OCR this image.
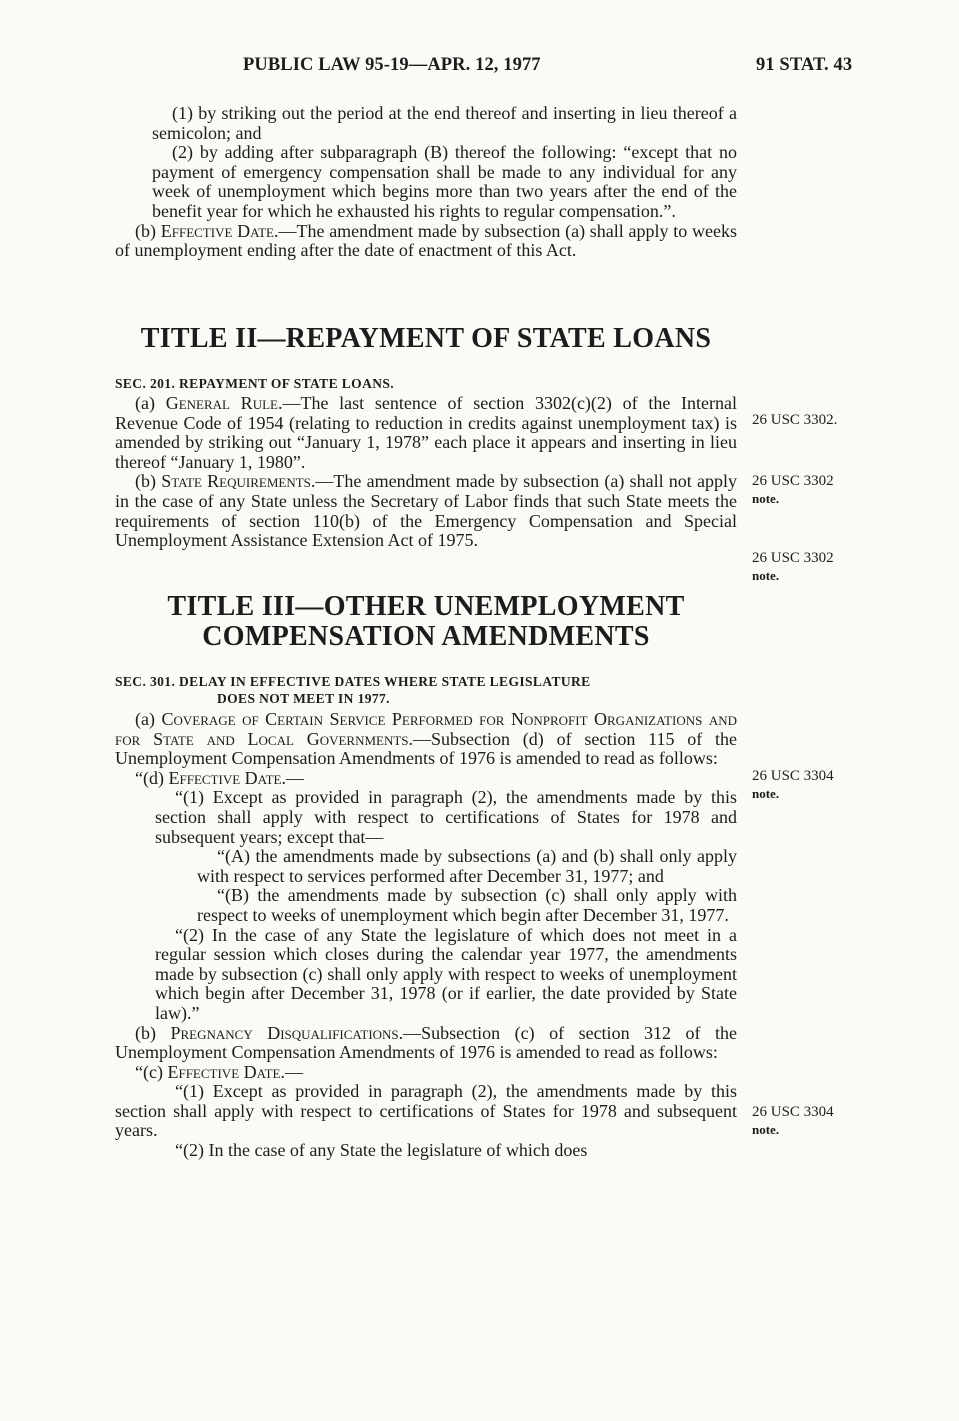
PUBLIC LAW 95-19—APR. 12, 1977	91 STAT. 43

(1) by striking out the period at the end thereof and inserting in lieu thereof a semicolon; and

(2) by adding after subparagraph (B) thereof the following: “except that no payment of emergency compensation shall be made to any individual for any week of unemployment which begins more than two years after the end of the benefit year for which he exhausted his rights to regular compensation.”.

(b) Effective Date.—The amendment made by subsection (a) shall apply to weeks of unemployment ending after the date of enactment of this Act.

TITLE II—REPAYMENT OF STATE LOANS
SEC. 201. REPAYMENT OF STATE LOANS.

(a) General Rule.—The last sentence of section 3302(c)(2) of the Internal Revenue Code of 1954 (relating to reduction in credits against unemployment tax) is amended by striking out “January 1, 1978” each place it appears and inserting in lieu thereof “January 1, 1980”.

(b) State Requirements.—The amendment made by subsection (a) shall not apply in the case of any State unless the Secretary of Labor finds that such State meets the requirements of section 110(b) of the Emergency Compensation and Special Unemployment Assistance Extension Act of 1975.

TITLE III—OTHER UNEMPLOYMENT
COMPENSATION AMENDMENTS
SEC. 301. DELAY IN EFFECTIVE DATES WHERE STATE LEGISLATURE
DOES NOT MEET IN 1977.

(a) Coverage of Certain Service Performed for Nonprofit Organizations and for State and Local Governments.—Subsection (d) of section 115 of the Unemployment Compensation Amendments of 1976 is amended to read as follows:

“(d) Effective Date.—

“(1) Except as provided in paragraph (2), the amendments made by this section shall apply with respect to certifications of States for 1978 and subsequent years; except that—

“(A) the amendments made by subsections (a) and (b) shall only apply with respect to services performed after December 31, 1977; and

“(B) the amendments made by subsection (c) shall only apply with respect to weeks of unemployment which begin after December 31, 1977.

“(2) In the case of any State the legislature of which does not meet in a regular session which closes during the calendar year 1977, the amendments made by subsection (c) shall only apply with respect to weeks of unemployment which begin after December 31, 1978 (or if earlier, the date provided by State law).”

(b) Pregnancy Disqualifications.—Subsection (c) of section 312 of the Unemployment Compensation Amendments of 1976 is amended to read as follows:

“(c) Effective Date.—

“(1) Except as provided in paragraph (2), the amendments made by this section shall apply with respect to certifications of States for 1978 and subsequent years.

“(2) In the case of any State the legislature of which does

26 USC 3302.
26 USC 3302
note.
26 USC 3302
note.
26 USC 3304
note.
26 USC 3304
note.
